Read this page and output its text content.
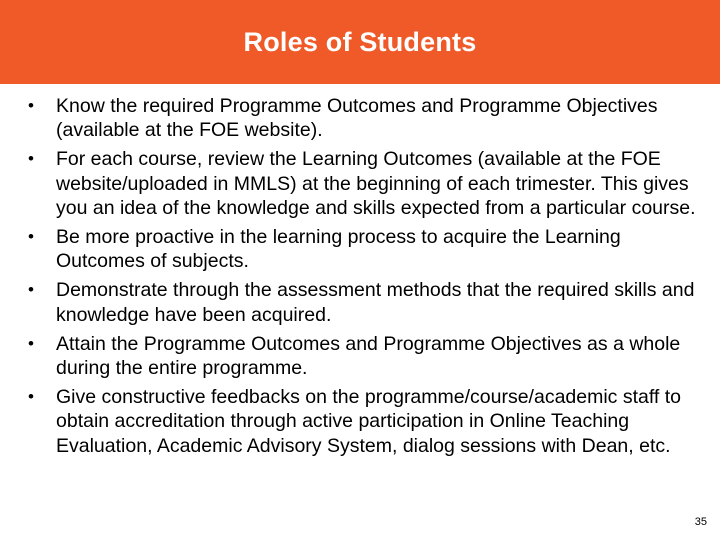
Roles of Students
• Know the required Programme Outcomes and Programme Objectives (available at the FOE website).
• For each course, review the Learning Outcomes (available at the FOE website/uploaded in MMLS) at the beginning of each trimester. This gives you an idea of the knowledge and skills expected from a particular course.
• Be more proactive in the learning process to acquire the Learning Outcomes of subjects.
• Demonstrate through the assessment methods that the required skills and knowledge have been acquired.
• Attain the Programme Outcomes and Programme Objectives as a whole during the entire programme.
• Give constructive feedbacks on the programme/course/academic staff to obtain accreditation through active participation in Online Teaching Evaluation, Academic Advisory System, dialog sessions with Dean, etc.
35
